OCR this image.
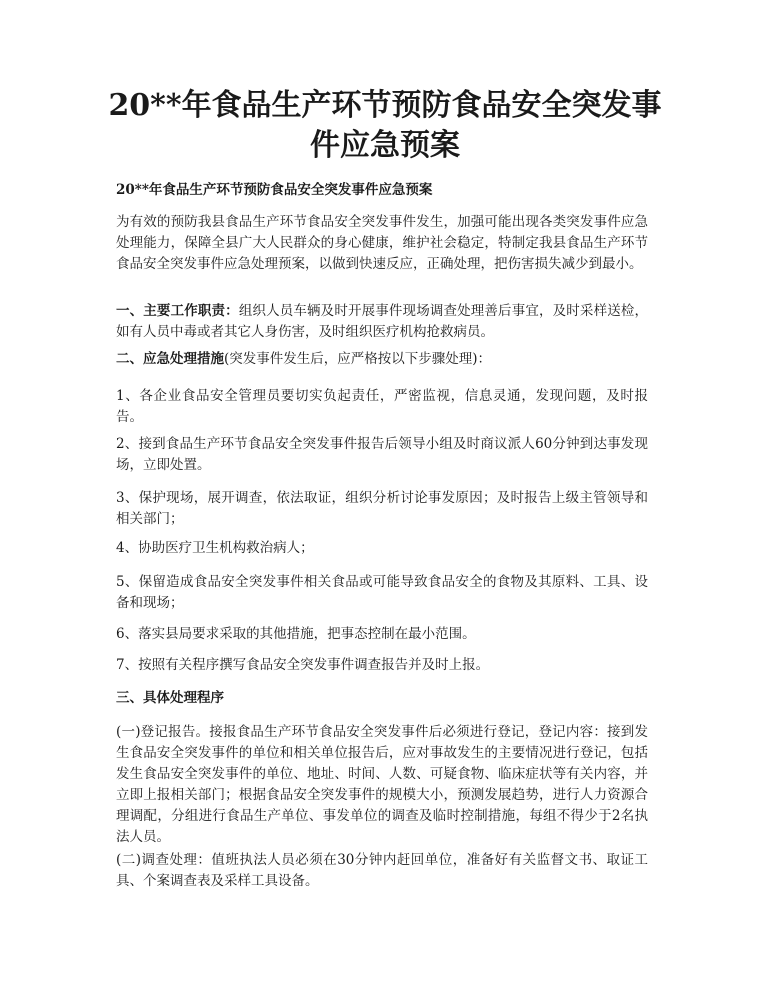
20**年食品生产环节预防食品安全突发事件应急预案

20**年食品生产环节预防食品安全突发事件应急预案

为有效的预防我县食品生产环节食品安全突发事件发生，加强可能出现各类突发事件应急处理能力，保障全县广大人民群众的身心健康，维护社会稳定，特制定我县食品生产环节食品安全突发事件应急处理预案，以做到快速反应，正确处理，把伤害损失减少到最小。

一、主要工作职责：组织人员车辆及时开展事件现场调查处理善后事宜，及时采样送检，如有人员中毒或者其它人身伤害，及时组织医疗机构抢救病员。

二、应急处理措施(突发事件发生后，应严格按以下步骤处理)：

1、各企业食品安全管理员要切实负起责任，严密监视，信息灵通，发现问题，及时报告。

2、接到食品生产环节食品安全突发事件报告后领导小组及时商议派人60分钟到达事发现场，立即处置。

3、保护现场，展开调查，依法取证，组织分析讨论事发原因；及时报告上级主管领导和相关部门；

4、协助医疗卫生机构救治病人；

5、保留造成食品安全突发事件相关食品或可能导致食品安全的食物及其原料、工具、设备和现场；

6、落实县局要求采取的其他措施，把事态控制在最小范围。

7、按照有关程序撰写食品安全突发事件调查报告并及时上报。

三、具体处理程序

(一)登记报告。接报食品生产环节食品安全突发事件后必须进行登记，登记内容：接到发生食品安全突发事件的单位和相关单位报告后，应对事故发生的主要情况进行登记，包括发生食品安全突发事件的单位、地址、时间、人数、可疑食物、临床症状等有关内容，并立即上报相关部门；根据食品安全突发事件的规模大小，预测发展趋势，进行人力资源合理调配，分组进行食品生产单位、事发单位的调查及临时控制措施，每组不得少于2名执法人员。

(二)调查处理：值班执法人员必须在30分钟内赶回单位，准备好有关监督文书、取证工具、个案调查表及采样工具设备。
